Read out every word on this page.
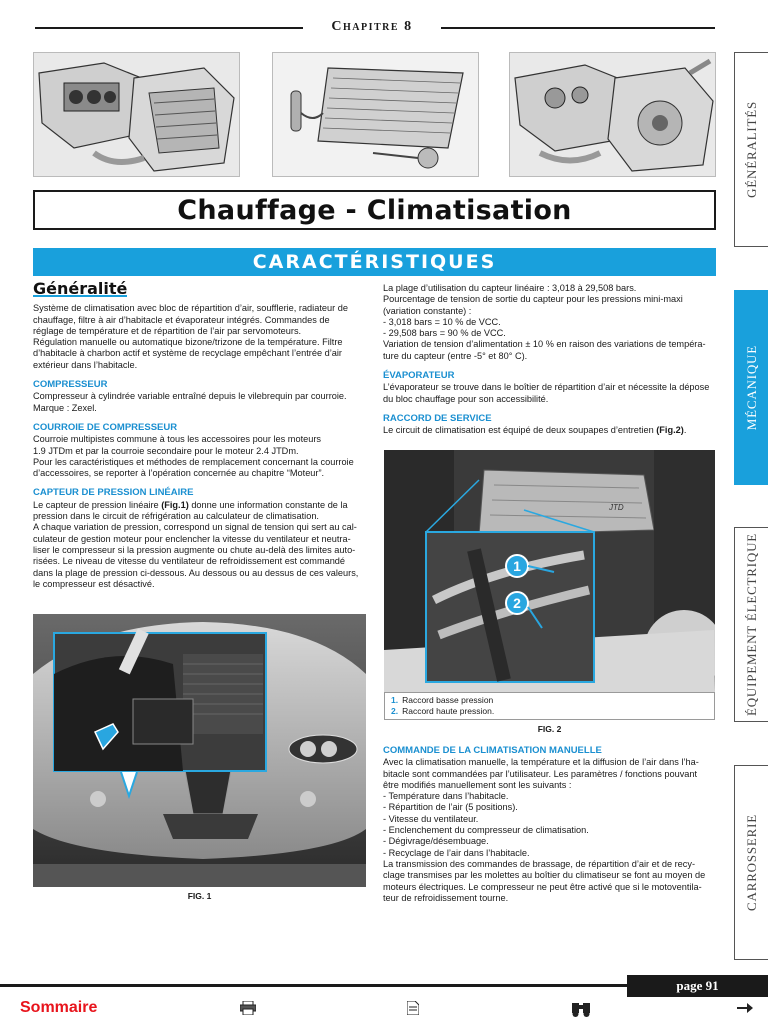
Chapitre 8
Chauffage - Climatisation
CARACTÉRISTIQUES
Généralité

Système de climatisation avec bloc de répartition d’air, soufflerie, radiateur de
chauffage, filtre à air d’habitacle et évaporateur intégrés. Commandes de
réglage de température et de répartition de l’air par servomoteurs.
Régulation manuelle ou automatique bizone/trizone de la température. Filtre
d’habitacle à charbon actif et système de recyclage empêchant l’entrée d’air
extérieur dans l’habitacle.

COMPRESSEUR

Compresseur à cylindrée variable entraîné depuis le vilebrequin par courroie.
Marque : Zexel.

COURROIE DE COMPRESSEUR

Courroie multipistes commune à tous les accessoires pour les moteurs
1.9 JTDm et par la courroie secondaire pour le moteur 2.4 JTDm.
Pour les caractéristiques et méthodes de remplacement concernant la courroie
d’accessoires, se reporter à l’opération concernée au chapitre “Moteur”.

CAPTEUR DE PRESSION LINÉAIRE

Le capteur de pression linéaire (Fig.1) donne une information constante de la
pression dans le circuit de réfrigération au calculateur de climatisation.
A chaque variation de pression, correspond un signal de tension qui sert au cal-
culateur de gestion moteur pour enclencher la vitesse du ventilateur et neutra-
liser le compresseur si la pression augmente ou chute au-delà des limites auto-
risées. Le niveau de vitesse du ventilateur de refroidissement est commandé
dans la plage de pression ci-dessous. Au dessous ou au dessus de ces valeurs,
le compresseur est désactivé.

FIG. 1

La plage d’utilisation du capteur linéaire : 3,018 à 29,508 bars.
Pourcentage de tension de sortie du capteur pour les pressions mini-maxi
(variation constante) :
- 3,018 bars = 10 % de VCC.
- 29,508 bars = 90 % de VCC.
Variation de tension d’alimentation ± 10 % en raison des variations de tempéra-
ture du capteur (entre -5° et 80° C).

ÉVAPORATEUR

L’évaporateur se trouve dans le boîtier de répartition d’air et nécessite la dépose
du bloc chauffage pour son accessibilité.

RACCORD DE SERVICE

Le circuit de climatisation est équipé de deux soupapes d’entretien (Fig.2).

JTD
1
2
1. Raccord basse pression
2. Raccord haute pression.
FIG. 2
COMMANDE DE LA CLIMATISATION MANUELLE

Avec la climatisation manuelle, la température et la diffusion de l’air dans l’ha-
bitacle sont commandées par l’utilisateur. Les paramètres / fonctions pouvant
être modifiés manuellement sont les suivants :
- Température dans l’habitacle.
- Répartition de l’air (5 positions).
- Vitesse du ventilateur.
- Enclenchement du compresseur de climatisation.
- Dégivrage/désembuage.
- Recyclage de l’air dans l’habitacle.
La transmission des commandes de brassage, de répartition d’air et de recy-
clage transmises par les molettes au boîtier du climatiseur se font au moyen de
moteurs électriques. Le compresseur ne peut être activé que si le motoventila-
teur de refroidissement tourne.

GÉNÉRALITÉS
MÉCANIQUE
ÉQUIPEMENT ÉLECTRIQUE
CARROSSERIE
page 91
Sommaire
